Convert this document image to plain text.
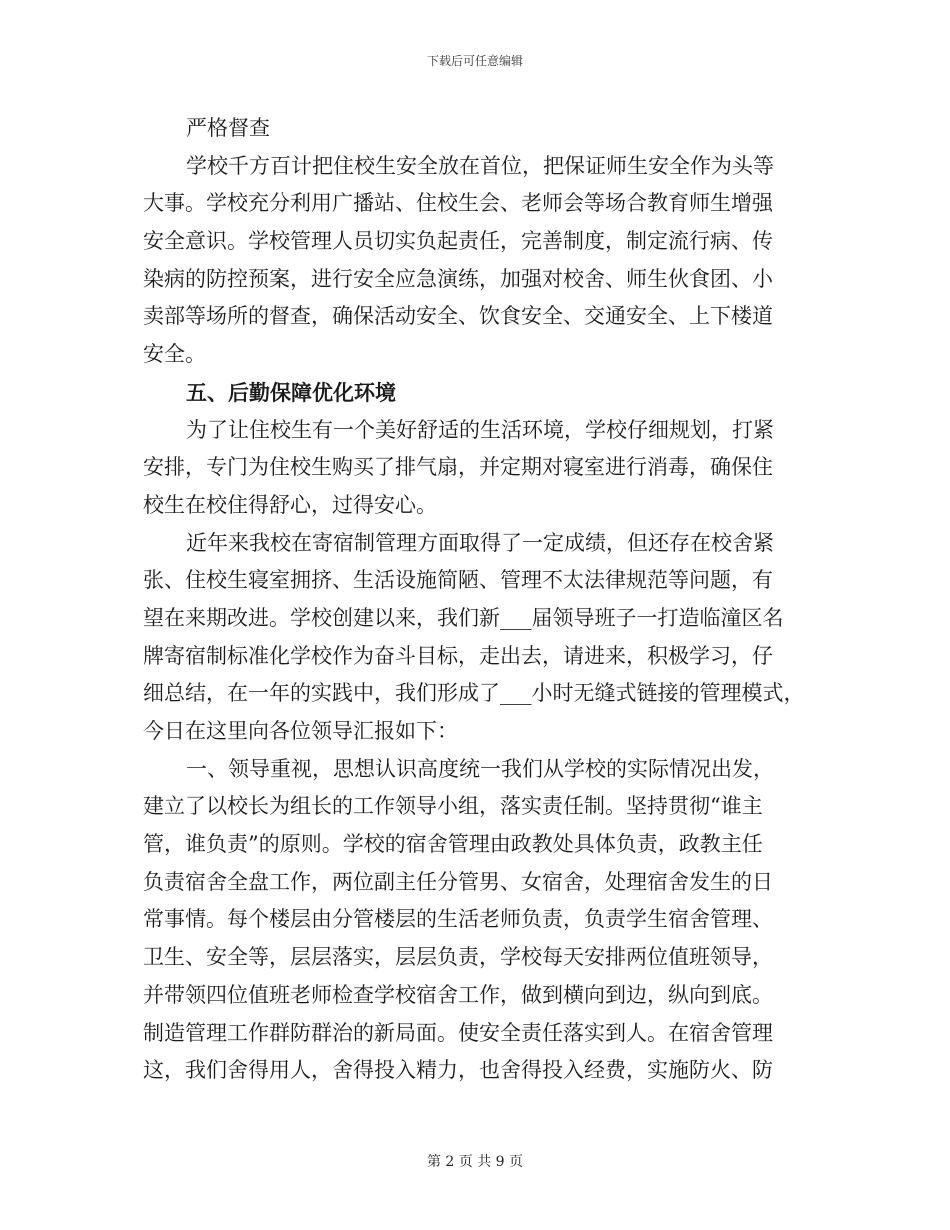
下载后可任意编辑

严格督查

学校千方百计把住校生安全放在首位，把保证师生安全作为头等

大事。学校充分利用广播站、住校生会、老师会等场合教育师生增强

安全意识。学校管理人员切实负起责任，完善制度，制定流行病、传

染病的防控预案，进行安全应急演练，加强对校舍、师生伙食团、小

卖部等场所的督查，确保活动安全、饮食安全、交通安全、上下楼道

安全。

五、后勤保障优化环境

为了让住校生有一个美好舒适的生活环境，学校仔细规划，打紧

安排，专门为住校生购买了排气扇，并定期对寝室进行消毒，确保住

校生在校住得舒心，过得安心。

近年来我校在寄宿制管理方面取得了一定成绩，但还存在校舍紧

张、住校生寝室拥挤、生活设施简陋、管理不太法律规范等问题，有

望在来期改进。学校创建以来，我们新___届领导班子一打造临潼区名

牌寄宿制标准化学校作为奋斗目标，走出去，请进来，积极学习，仔

细总结，在一年的实践中，我们形成了___小时无缝式链接的管理模式，

今日在这里向各位领导汇报如下：

一、领导重视，思想认识高度统一我们从学校的实际情况出发，

建立了以校长为组长的工作领导小组，落实责任制。坚持贯彻“谁主

管，谁负责”的原则。学校的宿舍管理由政教处具体负责，政教主任

负责宿舍全盘工作，两位副主任分管男、女宿舍，处理宿舍发生的日

常事情。每个楼层由分管楼层的生活老师负责，负责学生宿舍管理、

卫生、安全等，层层落实，层层负责，学校每天安排两位值班领导，

并带领四位值班老师检查学校宿舍工作，做到横向到边，纵向到底。

制造管理工作群防群治的新局面。使安全责任落实到人。在宿舍管理

这，我们舍得用人，舍得投入精力，也舍得投入经费，实施防火、防

第 2 页 共 9 页
